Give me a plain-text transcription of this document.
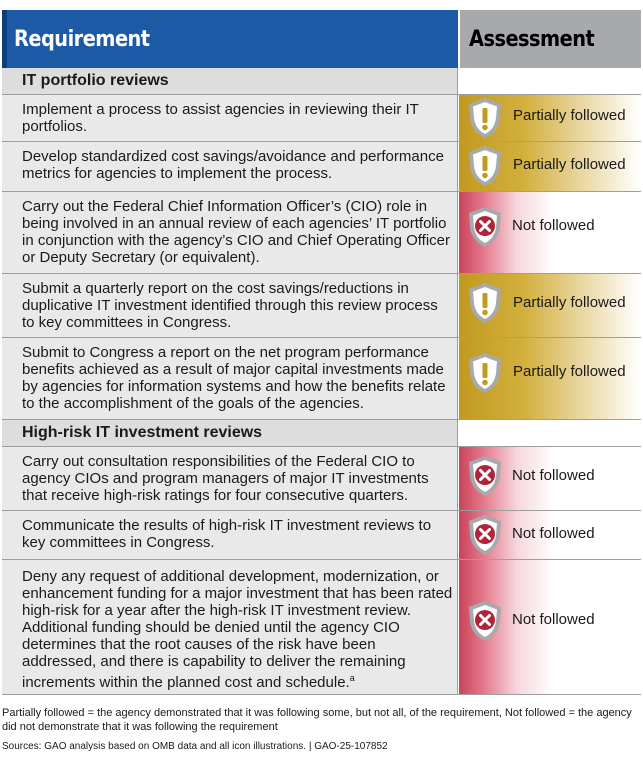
Requirement	Assessment
IT portfolio reviews
Implement a process to assist agencies in reviewing their IT portfolios.
Partially followed
Develop standardized cost savings/avoidance and performance metrics for agencies to implement the process.
Partially followed
Carry out the Federal Chief Information Officer’s (CIO) role in being involved in an annual review of each agencies’ IT portfolio in conjunction with the agency’s CIO and Chief Operating Officer or Deputy Secretary (or equivalent).
Not followed
Submit a quarterly report on the cost savings/reductions in duplicative IT investment identified through this review process to key committees in Congress.
Partially followed
Submit to Congress a report on the net program performance benefits achieved as a result of major capital investments made by agencies for information systems and how the benefits relate to the accomplishment of the goals of the agencies.
Partially followed
High-risk IT investment reviews
Carry out consultation responsibilities of the Federal CIO to agency CIOs and program managers of major IT investments that receive high-risk ratings for four consecutive quarters.
Not followed
Communicate the results of high-risk IT investment reviews to key committees in Congress.
Not followed
Deny any request of additional development, modernization, or enhancement funding for a major investment that has been rated high-risk for a year after the high-risk IT investment review. Additional funding should be denied until the agency CIO determines that the root causes of the risk have been addressed, and there is capability to deliver the remaining increments within the planned cost and schedule.$^a$
Not followed
Partially followed = the agency demonstrated that it was following some, but not all, of the requirement, Not followed = the agency did not demonstrate that it was following the requirement
Sources: GAO analysis based on OMB data and all icon illustrations. | GAO-25-107852
